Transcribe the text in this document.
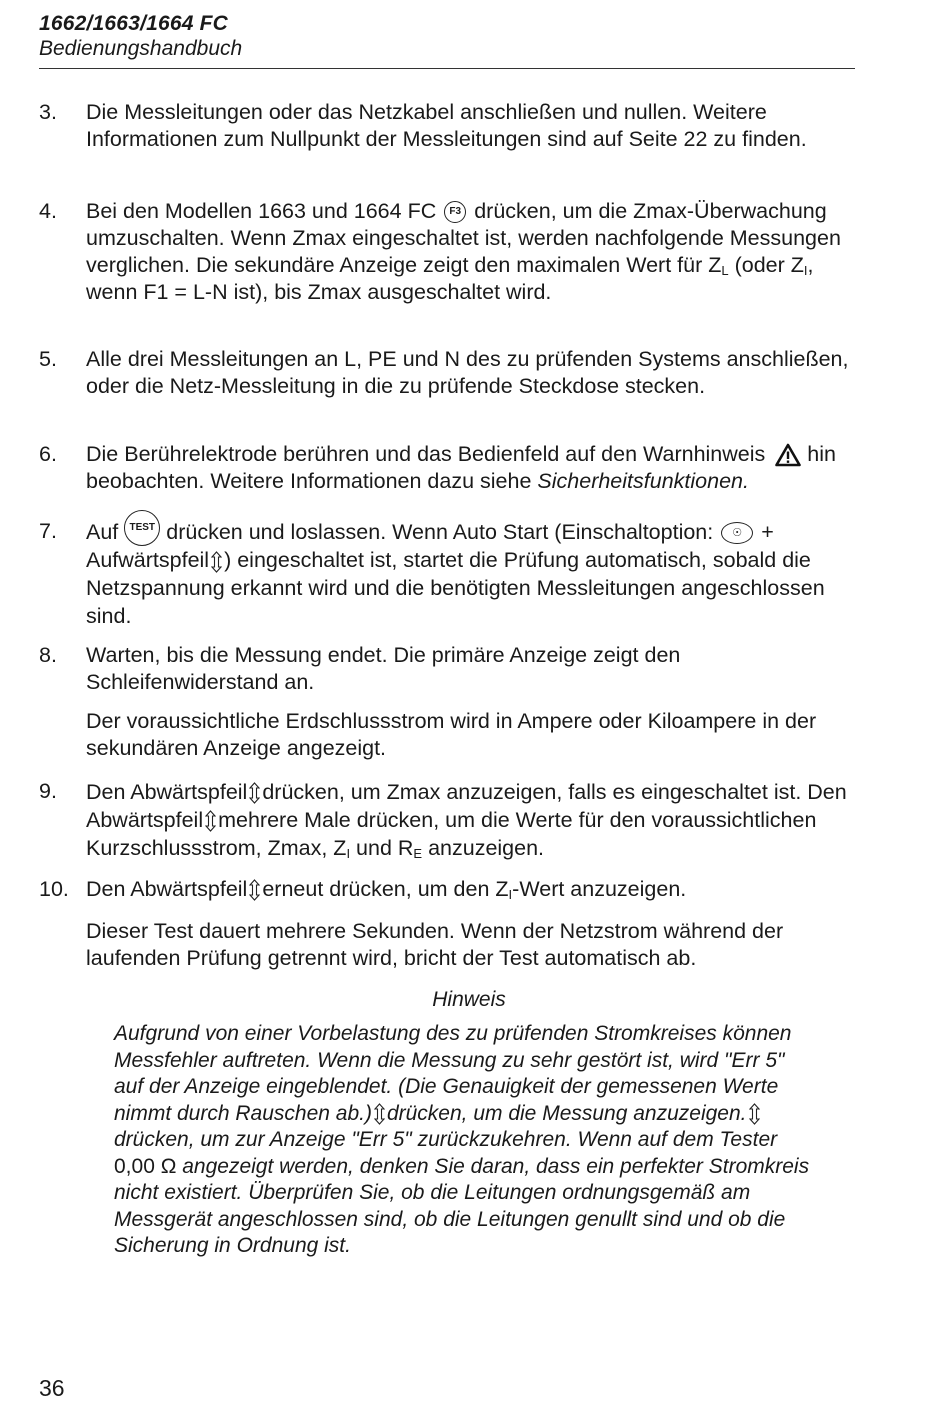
1662/1663/1664 FC
Bedienungshandbuch
3. Die Messleitungen oder das Netzkabel anschließen und nullen. Weitere Informationen zum Nullpunkt der Messleitungen sind auf Seite 22 zu finden.
4. Bei den Modellen 1663 und 1664 FC F3 drücken, um die Zmax-Überwachung umzuschalten. Wenn Zmax eingeschaltet ist, werden nachfolgende Messungen verglichen. Die sekundäre Anzeige zeigt den maximalen Wert für $Z_L$ (oder $Z_I$, wenn F1 = L-N ist), bis Zmax ausgeschaltet wird.
5. Alle drei Messleitungen an L, PE und N des zu prüfenden Systems anschließen, oder die Netz-Messleitung in die zu prüfende Steckdose stecken.
6. Die Berührelektrode berühren und das Bedienfeld auf den Warnhinweis hin beobachten. Weitere Informationen dazu siehe Sicherheitsfunktionen.
7. Auf TEST drücken und loslassen. Wenn Auto Start (Einschaltoption: ☉ + Aufwärtspfeil ) eingeschaltet ist, startet die Prüfung automatisch, sobald die Netzspannung erkannt wird und die benötigten Messleitungen angeschlossen sind.
8. Warten, bis die Messung endet. Die primäre Anzeige zeigt den Schleifenwiderstand an.
Der voraussichtliche Erdschlussstrom wird in Ampere oder Kiloampere in der sekundären Anzeige angezeigt.
9. Den Abwärtspfeil drücken, um Zmax anzuzeigen, falls es eingeschaltet ist. Den Abwärtspfeil mehrere Male drücken, um die Werte für den voraussichtlichen Kurzschlussstrom, Zmax, $Z_I$ und $R_E$ anzuzeigen.
10. Den Abwärtspfeil erneut drücken, um den $Z_I$-Wert anzuzeigen.
Dieser Test dauert mehrere Sekunden. Wenn der Netzstrom während der laufenden Prüfung getrennt wird, bricht der Test automatisch ab.
Hinweis
Aufgrund von einer Vorbelastung des zu prüfenden Stromkreises können Messfehler auftreten. Wenn die Messung zu sehr gestört ist, wird "Err 5" auf der Anzeige eingeblendet. (Die Genauigkeit der gemessenen Werte nimmt durch Rauschen ab.) drücken, um die Messung anzuzeigen.drücken, um zur Anzeige "Err 5" zurückzukehren. Wenn auf dem Tester 0,00 Ω angezeigt werden, denken Sie daran, dass ein perfekter Stromkreis nicht existiert. Überprüfen Sie, ob die Leitungen ordnungsgemäß am Messgerät angeschlossen sind, ob die Leitungen genullt sind und ob die Sicherung in Ordnung ist.
36
